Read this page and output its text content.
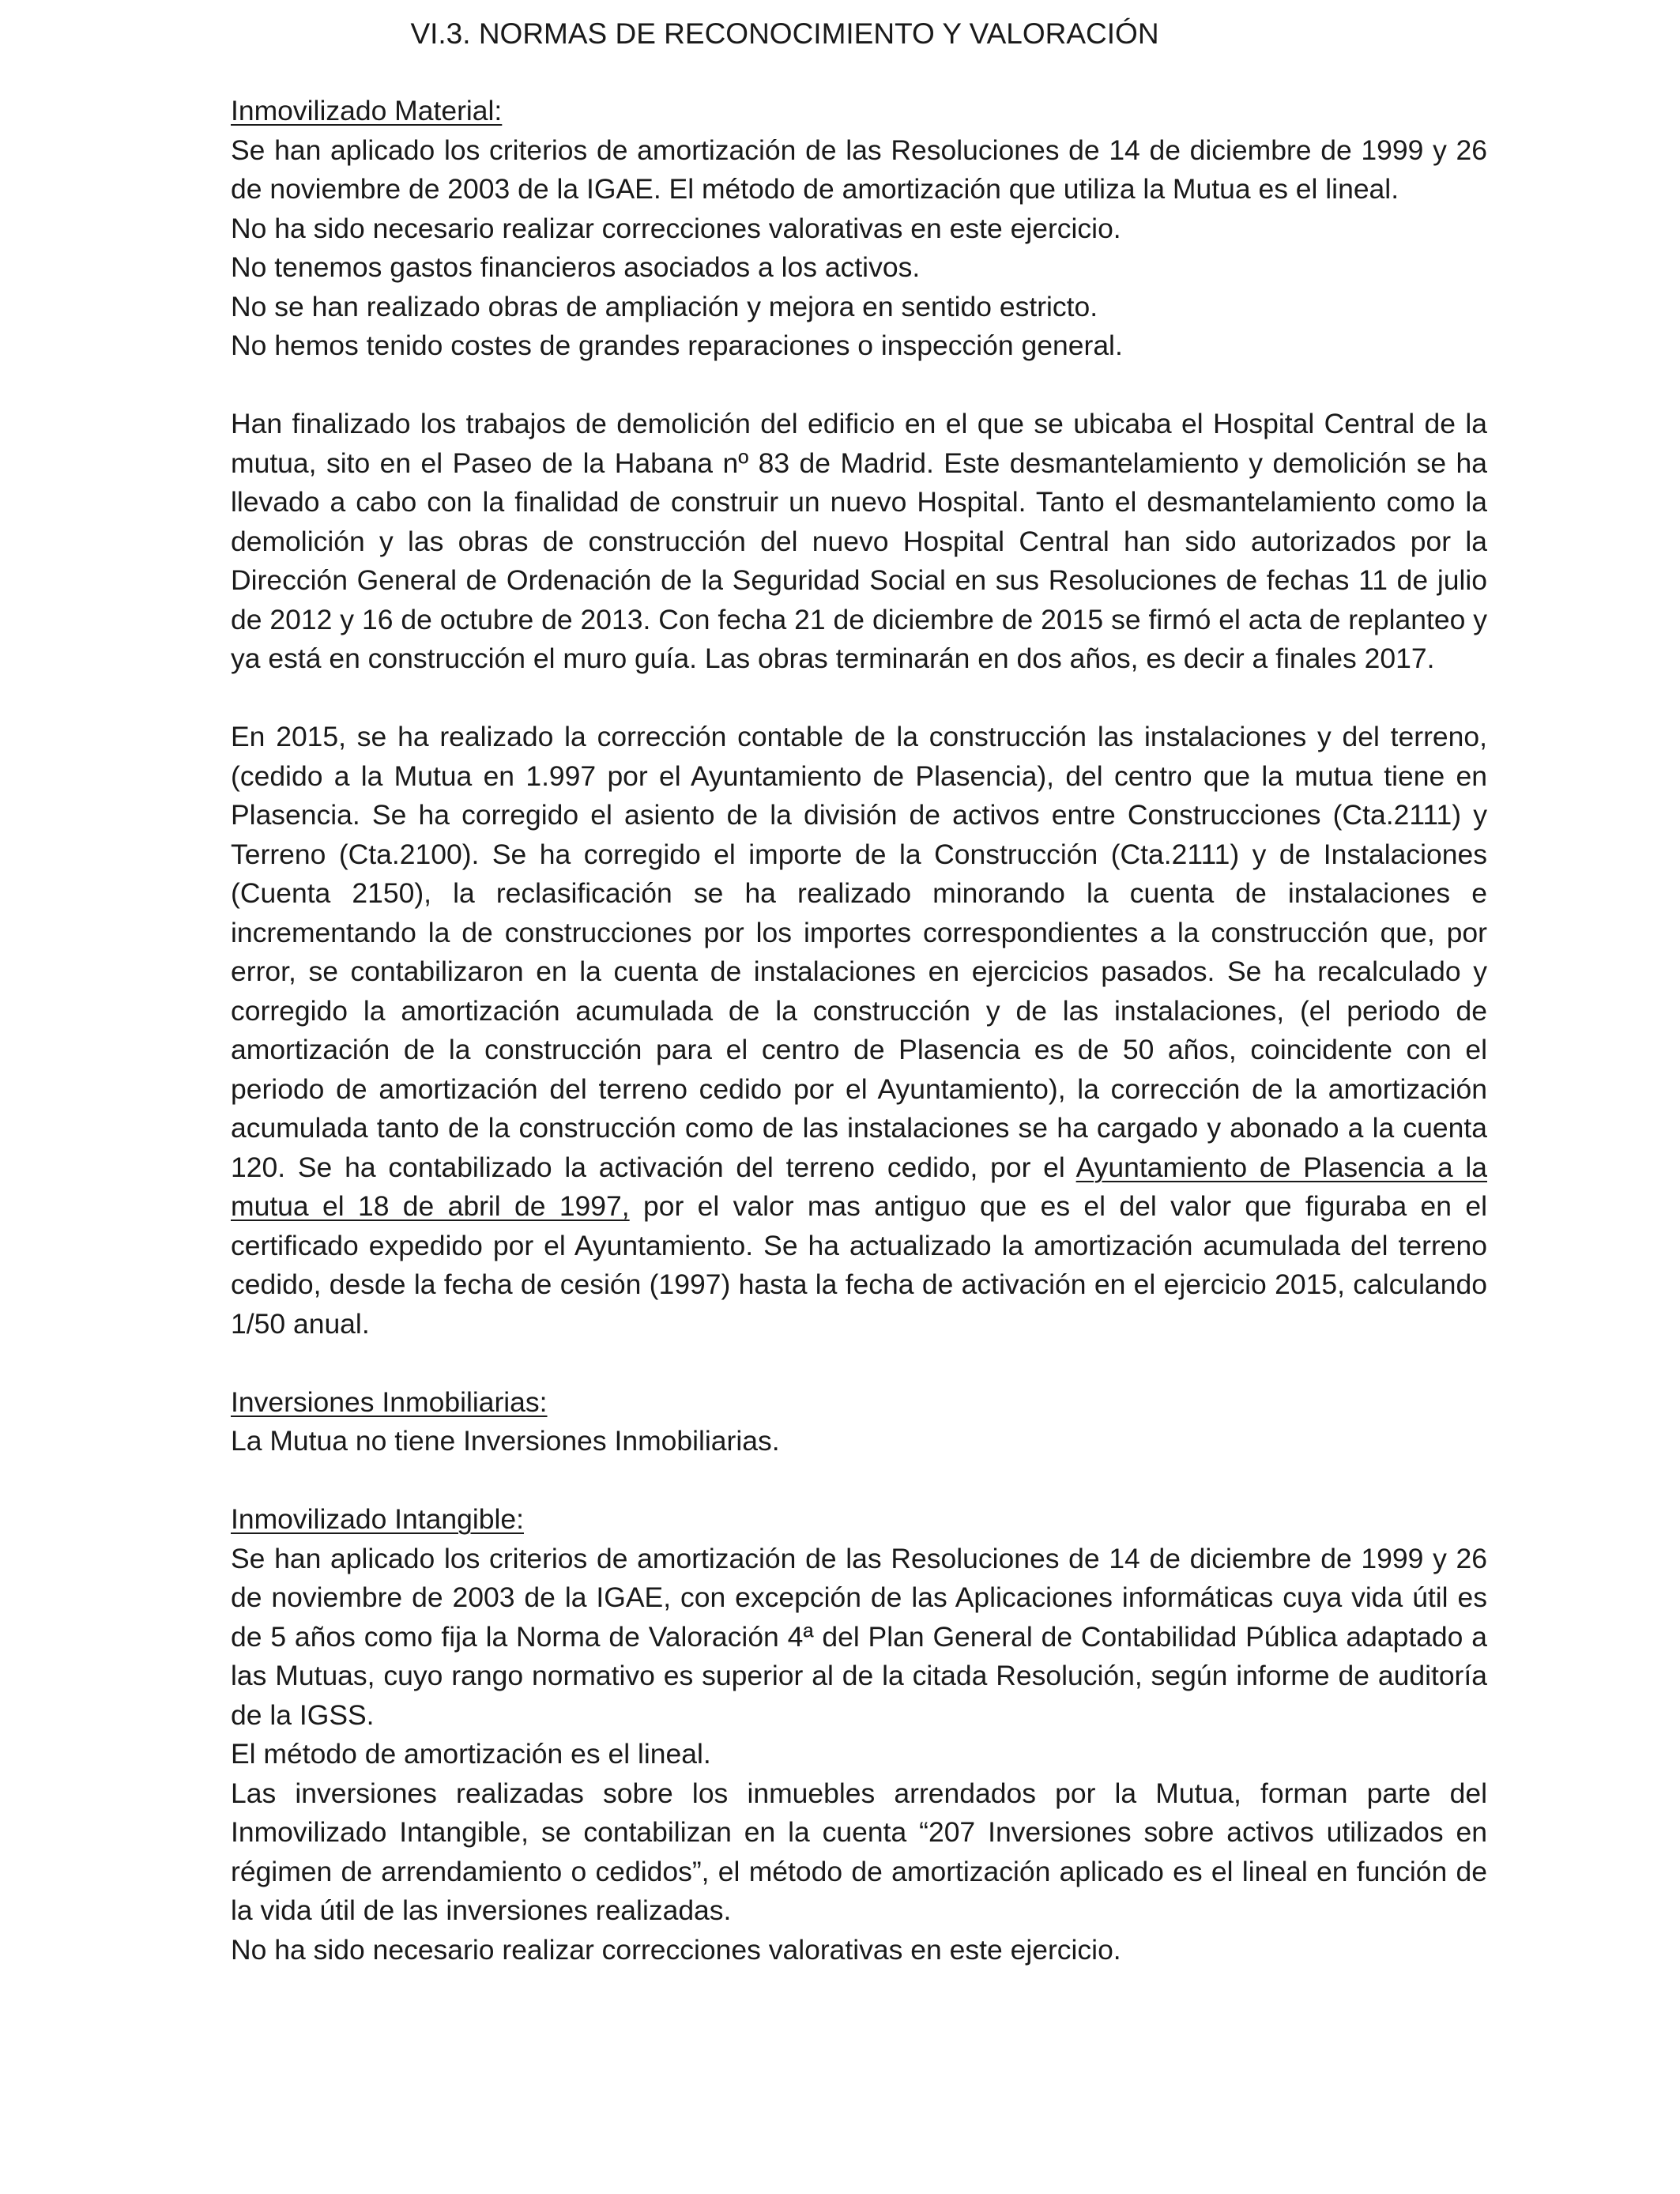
VI.3. NORMAS DE RECONOCIMIENTO Y VALORACIÓN

Inmovilizado Material:

Se han aplicado los criterios de amortización de las Resoluciones de 14 de diciembre de 1999 y 26 de noviembre de 2003 de la IGAE. El método de amortización que utiliza la Mutua es el lineal.

No ha sido necesario realizar correcciones valorativas en este ejercicio.

No tenemos gastos financieros asociados a los activos.

No se han realizado obras de ampliación y mejora en sentido estricto.

No hemos tenido costes de grandes reparaciones o inspección general.

Han finalizado los trabajos de demolición del edificio en el que se ubicaba el Hospital Central de la mutua, sito en el Paseo de la Habana nº 83 de Madrid. Este desmantelamiento y demolición se ha llevado a cabo con la finalidad de construir un nuevo Hospital. Tanto el desmantelamiento como la demolición y las obras de construcción del nuevo Hospital Central han sido autorizados por la Dirección General de Ordenación de la Seguridad Social en sus Resoluciones de fechas 11 de julio de 2012 y 16 de octubre de 2013. Con fecha 21 de diciembre de 2015 se firmó el acta de replanteo y ya está en construcción el muro guía. Las obras terminarán en dos años, es decir a finales 2017.

En 2015, se ha realizado la corrección contable de la construcción las instalaciones y del terreno, (cedido a la Mutua en 1.997 por el Ayuntamiento de Plasencia), del centro que la mutua tiene en Plasencia. Se ha corregido el asiento de la división de activos entre Construcciones (Cta.2111) y Terreno (Cta.2100). Se ha corregido el importe de la Construcción (Cta.2111) y de Instalaciones (Cuenta 2150), la reclasificación se ha realizado minorando la cuenta de instalaciones e incrementando la de construcciones por los importes correspondientes a la construcción que, por error, se contabilizaron en la cuenta de instalaciones en ejercicios pasados. Se ha recalculado y corregido la amortización acumulada de la construcción y de las instalaciones, (el periodo de amortización de la construcción para el centro de Plasencia es de 50 años, coincidente con el periodo de amortización del terreno cedido por el Ayuntamiento), la corrección de la amortización acumulada tanto de la construcción como de las instalaciones se ha cargado y abonado a la cuenta 120. Se ha contabilizado la activación del terreno cedido, por el Ayuntamiento de Plasencia a la mutua el 18 de abril de 1997, por el valor mas antiguo que es el del valor que figuraba en el certificado expedido por el Ayuntamiento. Se ha actualizado la amortización acumulada del terreno cedido, desde la fecha de cesión (1997) hasta la fecha de activación en el ejercicio 2015, calculando 1/50 anual.

Inversiones Inmobiliarias:

La Mutua no tiene Inversiones Inmobiliarias.

Inmovilizado Intangible:

Se han aplicado los criterios de amortización de las Resoluciones de 14 de diciembre de 1999 y 26 de noviembre de 2003 de la IGAE, con excepción de las Aplicaciones informáticas cuya vida útil es de 5 años como fija la Norma de Valoración 4ª del Plan General de Contabilidad Pública adaptado a las Mutuas, cuyo rango normativo es superior al de la citada Resolución, según informe de auditoría de la IGSS.

El método de amortización es el lineal.

Las inversiones realizadas sobre los inmuebles arrendados por la Mutua, forman parte del Inmovilizado Intangible, se contabilizan en la cuenta “207 Inversiones sobre activos utilizados en régimen de arrendamiento o cedidos”, el método de amortización aplicado es el lineal en función de la vida útil de las inversiones realizadas.

No ha sido necesario realizar correcciones valorativas en este ejercicio.
